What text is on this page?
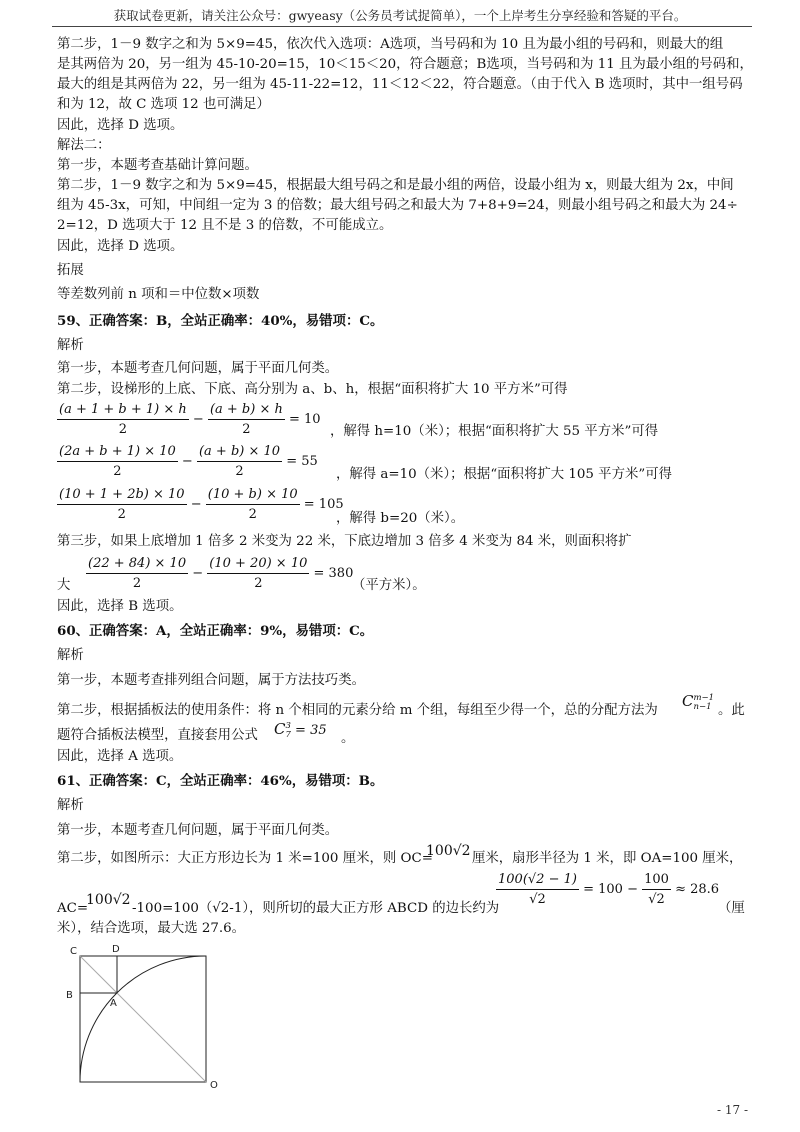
获取试卷更新，请关注公众号：gwyeasy（公务员考试捉简单），一个上岸考生分享经验和答疑的平台。
第二步，1－9 数字之和为 5×9=45，依次代入选项：A选项，当号码和为 10 且为最小组的号码和，则最大的组
是其两倍为 20，另一组为 45-10-20=15，10＜15＜20，符合题意；B选项，当号码和为 11 且为最小组的号码和，
最大的组是其两倍为 22，另一组为 45-11-22=12，11＜12＜22，符合题意。（由于代入 B 选项时，其中一组号码
和为 12，故 C 选项 12 也可满足）
因此，选择 D 选项。
解法二：
第一步，本题考查基础计算问题。
第二步，1－9 数字之和为 5×9=45，根据最大组号码之和是最小组的两倍，设最小组为 x，则最大组为 2x，中间
组为 45-3x，可知，中间组一定为 3 的倍数；最大组号码之和最大为 7+8+9=24，则最小组号码之和最大为 24÷
2=12，D 选项大于 12 且不是 3 的倍数，不可能成立。
因此，选择 D 选项。
拓展
等差数列前 n 项和＝中位数×项数
59、正确答案：B，全站正确率：40%，易错项：C。
解析
第一步，本题考查几何问题，属于平面几何类。
第二步，设梯形的上底、下底、高分别为 a、b、h，根据“面积将扩大 10 平方米”可得
$\frac{(a + 1 + b + 1) \times h}{2} - \frac{(a + b) \times h}{2} = 10$
，解得 h=10（米）；根据“面积将扩大 55 平方米”可得
$\frac{(2a + b + 1) \times 10}{2} - \frac{(a + b) \times 10}{2} = 55$
，解得 a=10（米）；根据“面积将扩大 105 平方米”可得
$\frac{(10 + 1 + 2b) \times 10}{2} - \frac{(10 + b) \times 10}{2} = 105$
，解得 b=20（米）。
第三步，如果上底增加 1 倍多 2 米变为 22 米，下底边增加 3 倍多 4 米变为 84 米，则面积将扩
大 $\frac{(22 + 84) \times 10}{2} - \frac{(10 + 20) \times 10}{2} = 380$
（平方米）。
因此，选择 B 选项。
60、正确答案：A，全站正确率：9%，易错项：C。
解析
第一步，本题考查排列组合问题，属于方法技巧类。
第二步，根据插板法的使用条件：将 n 个相同的元素分给 m 个组，每组至少得一个，总的分配方法为
C m−1
n−1 。此
题符合插板法模型，直接套用公式 C 3
7 = 35
。
因此，选择 A 选项。
61、正确答案：C，全站正确率：46%，易错项：B。
解析
第一步，本题考查几何问题，属于平面几何类。
第二步，如图所示：大正方形边长为 1 米=100 厘米，则 OC=
100√2 厘米，扇形半径为 1 米，即 OA=100 厘米，
AC=
100√2
-100=100（√2-1），则所切的最大正方形 ABCD 的边长约为
$\frac{100(√2 - 1)}{√2} = 100 - \frac{100}{√2} \approx 28.6$
（厘
米），结合选项，最大选 27.6。
C	D
B
A
O
- 17 -
